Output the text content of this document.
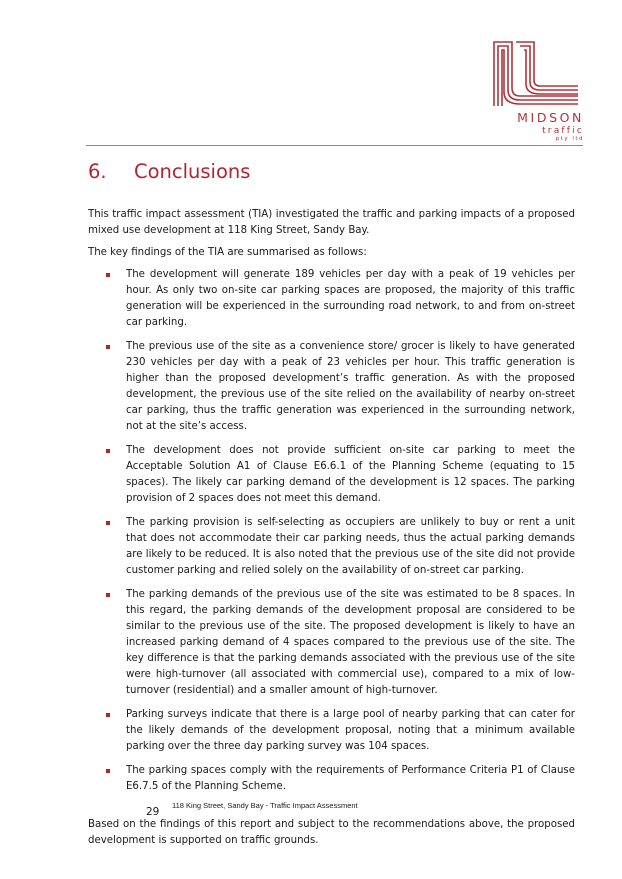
MIDSON
traffic
pty ltd
6.	Conclusions

This traffic impact assessment (TIA) investigated the traffic and parking impacts of a proposed mixed use development at 118 King Street, Sandy Bay.

The key findings of the TIA are summarised as follows:

The development will generate 189 vehicles per day with a peak of 19 vehicles per hour. As only two on-site car parking spaces are proposed, the majority of this traffic generation will be experienced in the surrounding road network, to and from on-street car parking.
The previous use of the site as a convenience store/ grocer is likely to have generated 230 vehicles per day with a peak of 23 vehicles per hour. This traffic generation is higher than the proposed development’s traffic generation. As with the proposed development, the previous use of the site relied on the availability of nearby on-street car parking, thus the traffic generation was experienced in the surrounding network, not at the site’s access.
The development does not provide sufficient on-site car parking to meet the Acceptable Solution A1 of Clause E6.6.1 of the Planning Scheme (equating to 15 spaces). The likely car parking demand of the development is 12 spaces. The parking provision of 2 spaces does not meet this demand.
The parking provision is self-selecting as occupiers are unlikely to buy or rent a unit that does not accommodate their car parking needs, thus the actual parking demands are likely to be reduced. It is also noted that the previous use of the site did not provide customer parking and relied solely on the availability of on-street car parking.
The parking demands of the previous use of the site was estimated to be 8 spaces. In this regard, the parking demands of the development proposal are considered to be similar to the previous use of the site. The proposed development is likely to have an increased parking demand of 4 spaces compared to the previous use of the site. The key difference is that the parking demands associated with the previous use of the site were high-turnover (all associated with commercial use), compared to a mix of low-turnover (residential) and a smaller amount of high-turnover.
Parking surveys indicate that there is a large pool of nearby parking that can cater for the likely demands of the development proposal, noting that a minimum available parking over the three day parking survey was 104 spaces.
The parking spaces comply with the requirements of Performance Criteria P1 of Clause E6.7.5 of the Planning Scheme.

Based on the findings of this report and subject to the recommendations above, the proposed development is supported on traffic grounds.

29
118 King Street, Sandy Bay - Traffic Impact Assessment
